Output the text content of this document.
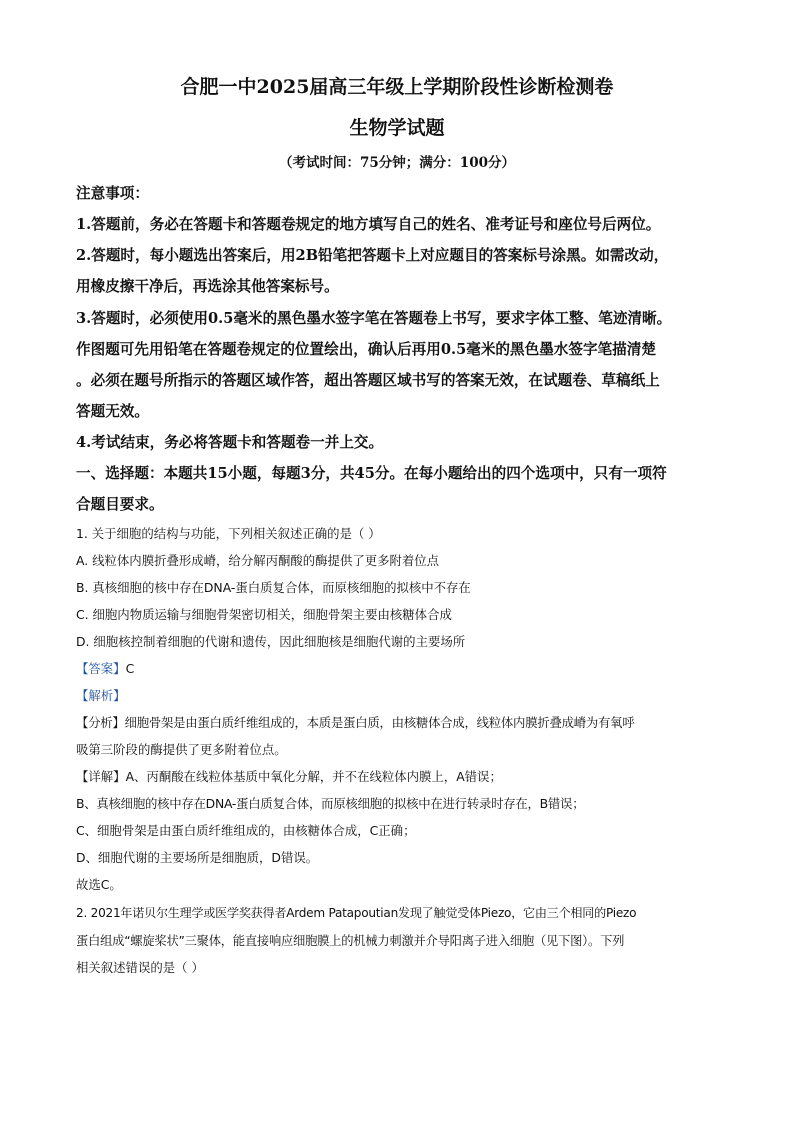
合肥一中2025届高三年级上学期阶段性诊断检测卷
生物学试题
（考试时间：75分钟；满分：100分）
注意事项：
1.答题前，务必在答题卡和答题卷规定的地方填写自己的姓名、准考证号和座位号后两位。
2.答题时，每小题选出答案后，用2B铅笔把答题卡上对应题目的答案标号涂黑。如需改动，
用橡皮擦干净后，再选涂其他答案标号。
3.答题时，必须使用0.5毫米的黑色墨水签字笔在答题卷上书写，要求字体工整、笔迹清晰。
作图题可先用铅笔在答题卷规定的位置绘出，确认后再用0.5毫米的黑色墨水签字笔描清楚
。必须在题号所指示的答题区域作答，超出答题区域书写的答案无效，在试题卷、草稿纸上
答题无效。
4.考试结束，务必将答题卡和答题卷一并上交。
一、选择题：本题共15小题，每题3分，共45分。在每小题给出的四个选项中，只有一项符
合题目要求。
1. 关于细胞的结构与功能，下列相关叙述正确的是（ ）
A. 线粒体内膜折叠形成嵴，给分解丙酮酸的酶提供了更多附着位点
B. 真核细胞的核中存在DNA-蛋白质复合体，而原核细胞的拟核中不存在
C. 细胞内物质运输与细胞骨架密切相关，细胞骨架主要由核糖体合成
D. 细胞核控制着细胞的代谢和遗传，因此细胞核是细胞代谢的主要场所
【答案】C
【解析】
【分析】细胞骨架是由蛋白质纤维组成的，本质是蛋白质，由核糖体合成，线粒体内膜折叠成嵴为有氧呼
吸第三阶段的酶提供了更多附着位点。
【详解】A、丙酮酸在线粒体基质中氧化分解，并不在线粒体内膜上，A错误；
B、真核细胞的核中存在DNA-蛋白质复合体，而原核细胞的拟核中在进行转录时存在，B错误；
C、细胞骨架是由蛋白质纤维组成的，由核糖体合成，C正确；
D、细胞代谢的主要场所是细胞质，D错误。
故选C。
2. 2021年诺贝尔生理学或医学奖获得者Ardem Patapoutian发现了触觉受体Piezo，它由三个相同的Piezo
蛋白组成“螺旋桨状”三聚体，能直接响应细胞膜上的机械力刺激并介导阳离子进入细胞（见下图）。下列
相关叙述错误的是（ ）
